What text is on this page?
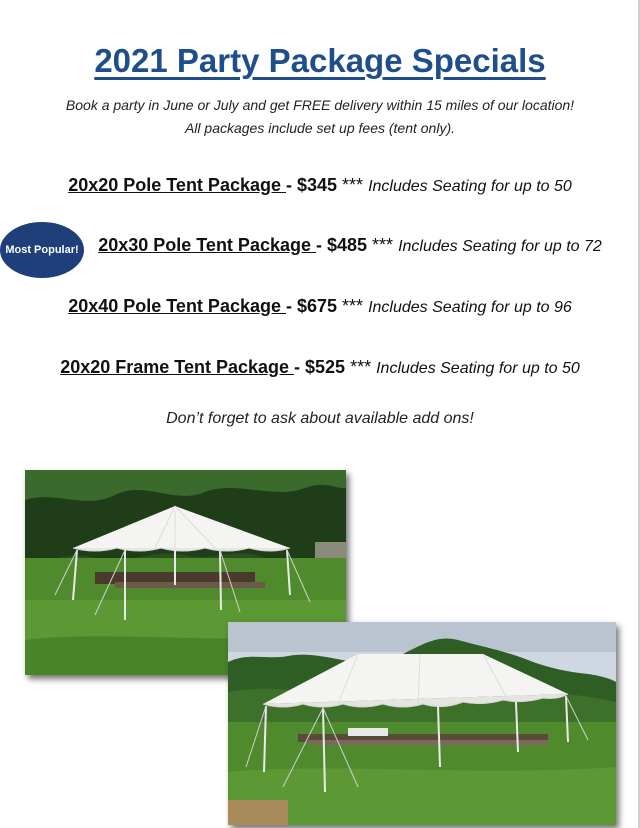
2021 Party Package Specials
Book a party in June or July and get FREE delivery within 15 miles of our location!
All packages include set up fees (tent only).
20x20 Pole Tent Package - $345 *** Includes Seating for up to 50
Most Popular!	20x30 Pole Tent Package - $485 *** Includes Seating for up to 72
20x40 Pole Tent Package - $675 *** Includes Seating for up to 96
20x20 Frame Tent Package - $525 *** Includes Seating for up to 50
Don’t forget to ask about available add ons!
